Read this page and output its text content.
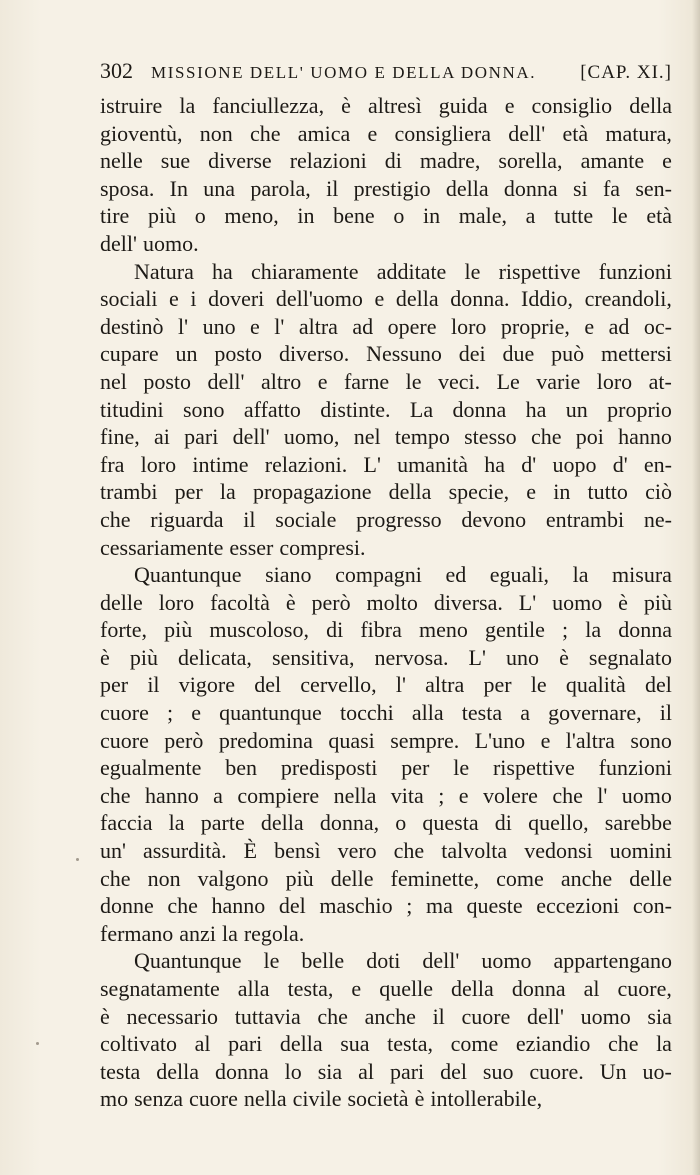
302	MISSIONE DELL' UOMO E DELLA DONNA.	[CAP. XI.]
istruire la fanciullezza, è altresì guida e consiglio della
gioventù, non che amica e consigliera dell' età matura,
nelle sue diverse relazioni di madre, sorella, amante e
sposa. In una parola, il prestigio della donna si fa sen-
tire più o meno, in bene o in male, a tutte le età
dell' uomo.
Natura ha chiaramente additate le rispettive funzioni
sociali e i doveri dell'uomo e della donna. Iddio, creandoli,
destinò l' uno e l' altra ad opere loro proprie, e ad oc-
cupare un posto diverso. Nessuno dei due può mettersi
nel posto dell' altro e farne le veci. Le varie loro at-
titudini sono affatto distinte. La donna ha un proprio
fine, ai pari dell' uomo, nel tempo stesso che poi hanno
fra loro intime relazioni. L' umanità ha d' uopo d' en-
trambi per la propagazione della specie, e in tutto ciò
che riguarda il sociale progresso devono entrambi ne-
cessariamente esser compresi.
Quantunque siano compagni ed eguali, la misura
delle loro facoltà è però molto diversa. L' uomo è più
forte, più muscoloso, di fibra meno gentile ; la donna
è più delicata, sensitiva, nervosa. L' uno è segnalato
per il vigore del cervello, l' altra per le qualità del
cuore ; e quantunque tocchi alla testa a governare, il
cuore però predomina quasi sempre. L'uno e l'altra sono
egualmente ben predisposti per le rispettive funzioni
che hanno a compiere nella vita ; e volere che l' uomo
faccia la parte della donna, o questa di quello, sarebbe
un' assurdità. È bensì vero che talvolta vedonsi uomini
che non valgono più delle feminette, come anche delle
donne che hanno del maschio ; ma queste eccezioni con-
fermano anzi la regola.
Quantunque le belle doti dell' uomo appartengano
segnatamente alla testa, e quelle della donna al cuore,
è necessario tuttavia che anche il cuore dell' uomo sia
coltivato al pari della sua testa, come eziandio che la
testa della donna lo sia al pari del suo cuore. Un uo-
mo senza cuore nella civile società è intollerabile,
